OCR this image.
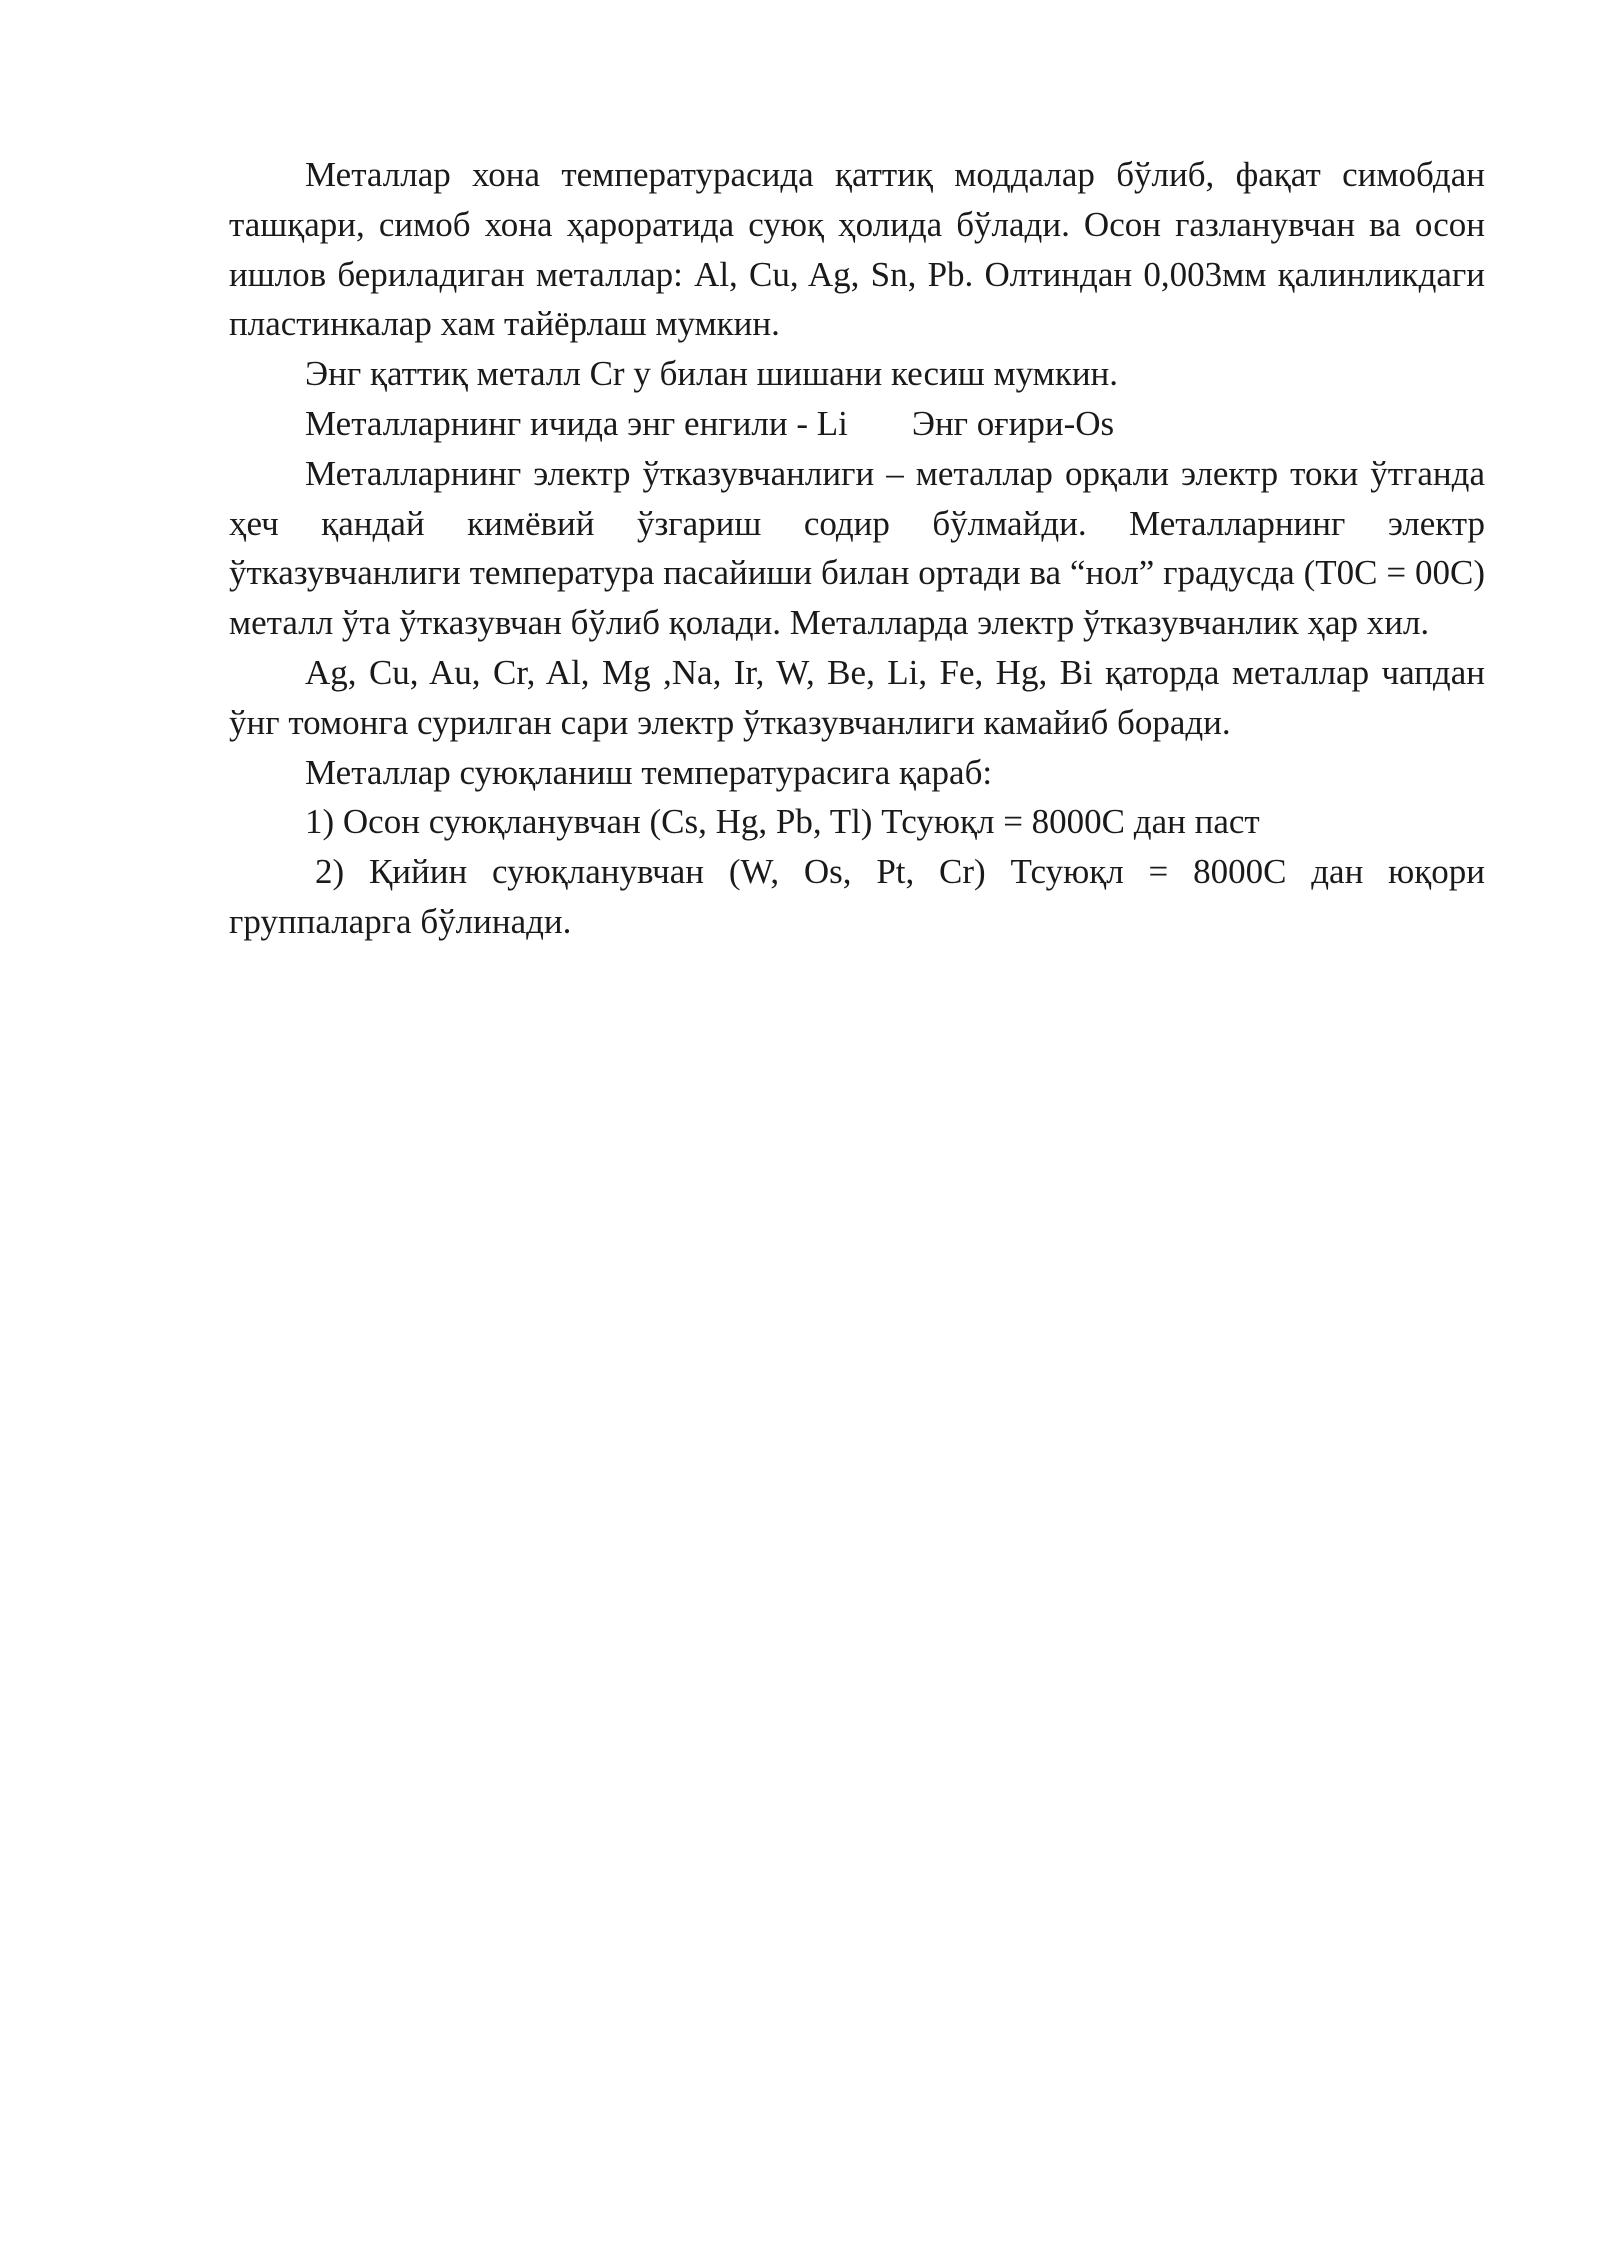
Металлар хона температурасида қаттиқ моддалар бўлиб, фақат симобдан ташқари, симоб хона ҳароратида суюқ ҳолида бўлади. Осон газланувчан ва осон ишлов бериладиган металлар: Al, Cu, Ag, Sn, Pb. Олтиндан 0,003мм қалинликдаги пластинкалар хам тайёрлаш мумкин.

Энг қаттиқ металл Cr у билан шишани кесиш мумкин.

Металларнинг ичида энг енгили - Li Энг оғири-Os

Металларнинг электр ўтказувчанлиги – металлар орқали электр токи ўтганда ҳеч қандай кимёвий ўзгариш содир бўлмайди. Металларнинг электр ўтказувчанлиги температура пасайиши билан ортади ва “нол” градусда (Т0С = 00С) металл ўта ўтказувчан бўлиб қолади. Металларда электр ўтказувчанлик ҳар хил.

Ag, Cu, Au, Cr, Al, Mg ,Na, Ir, W, Be, Li, Fe, Hg, Bi қаторда металлар чапдан ўнг томонга сурилган сари электр ўтказувчанлиги камайиб боради.

Металлар суюқланиш температурасига қараб:

1) Осон суюқланувчан (Cs, Hg, Pb, Tl) Тсуюқл = 8000C дан паст

2) Қийин суюқланувчан (W, Os, Pt, Cr) Тсуюқл = 8000C дан юқори группаларга бўлинади.
